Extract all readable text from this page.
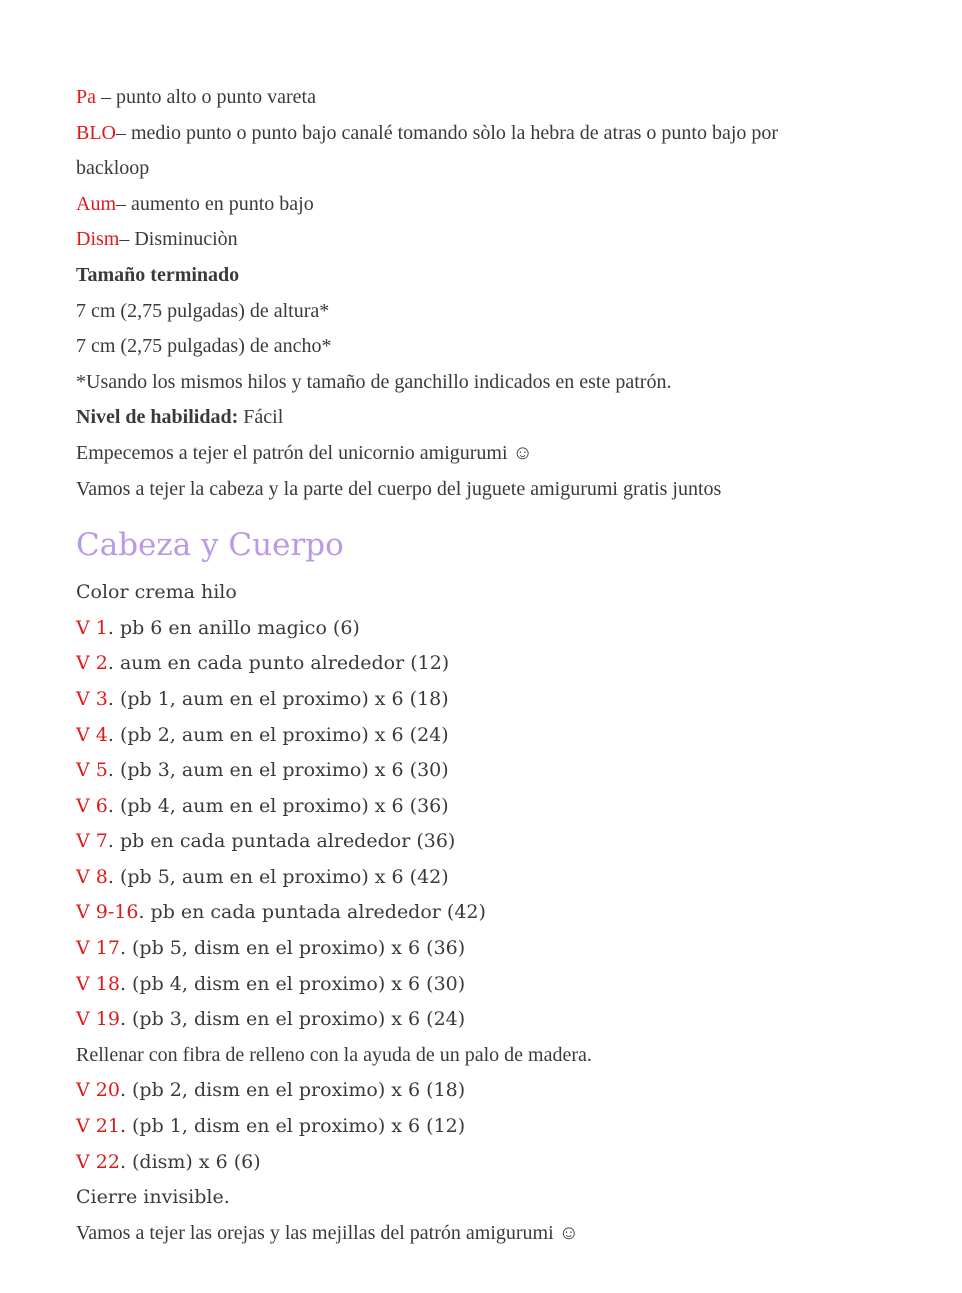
Pa – punto alto o punto vareta

BLO– medio punto o punto bajo canalé tomando sòlo la hebra de atras o punto bajo por backloop

Aum– aumento en punto bajo

Dism– Disminuciòn

Tamaño terminado

7 cm (2,75 pulgadas) de altura*

7 cm (2,75 pulgadas) de ancho*

*Usando los mismos hilos y tamaño de ganchillo indicados en este patrón.

Nivel de habilidad: Fácil

Empecemos a tejer el patrón del unicornio amigurumi ☺

Vamos a tejer la cabeza y la parte del cuerpo del juguete amigurumi gratis juntos

Cabeza y Cuerpo

Color crema hilo

V 1. pb 6 en anillo magico (6)

V 2. aum en cada punto alrededor (12)

V 3. (pb 1, aum en el proximo) x 6 (18)

V 4. (pb 2, aum en el proximo) x 6 (24)

V 5. (pb 3, aum en el proximo) x 6 (30)

V 6. (pb 4, aum en el proximo) x 6 (36)

V 7. pb en cada puntada alrededor (36)

V 8. (pb 5, aum en el proximo) x 6 (42)

V 9-16. pb en cada puntada alrededor (42)

V 17. (pb 5, dism en el proximo) x 6 (36)

V 18. (pb 4, dism en el proximo) x 6 (30)

V 19. (pb 3, dism en el proximo) x 6 (24)

Rellenar con fibra de relleno con la ayuda de un palo de madera.

V 20. (pb 2, dism en el proximo) x 6 (18)

V 21. (pb 1, dism en el proximo) x 6 (12)

V 22. (dism) x 6 (6)

Cierre invisible.

Vamos a tejer las orejas y las mejillas del patrón amigurumi ☺
